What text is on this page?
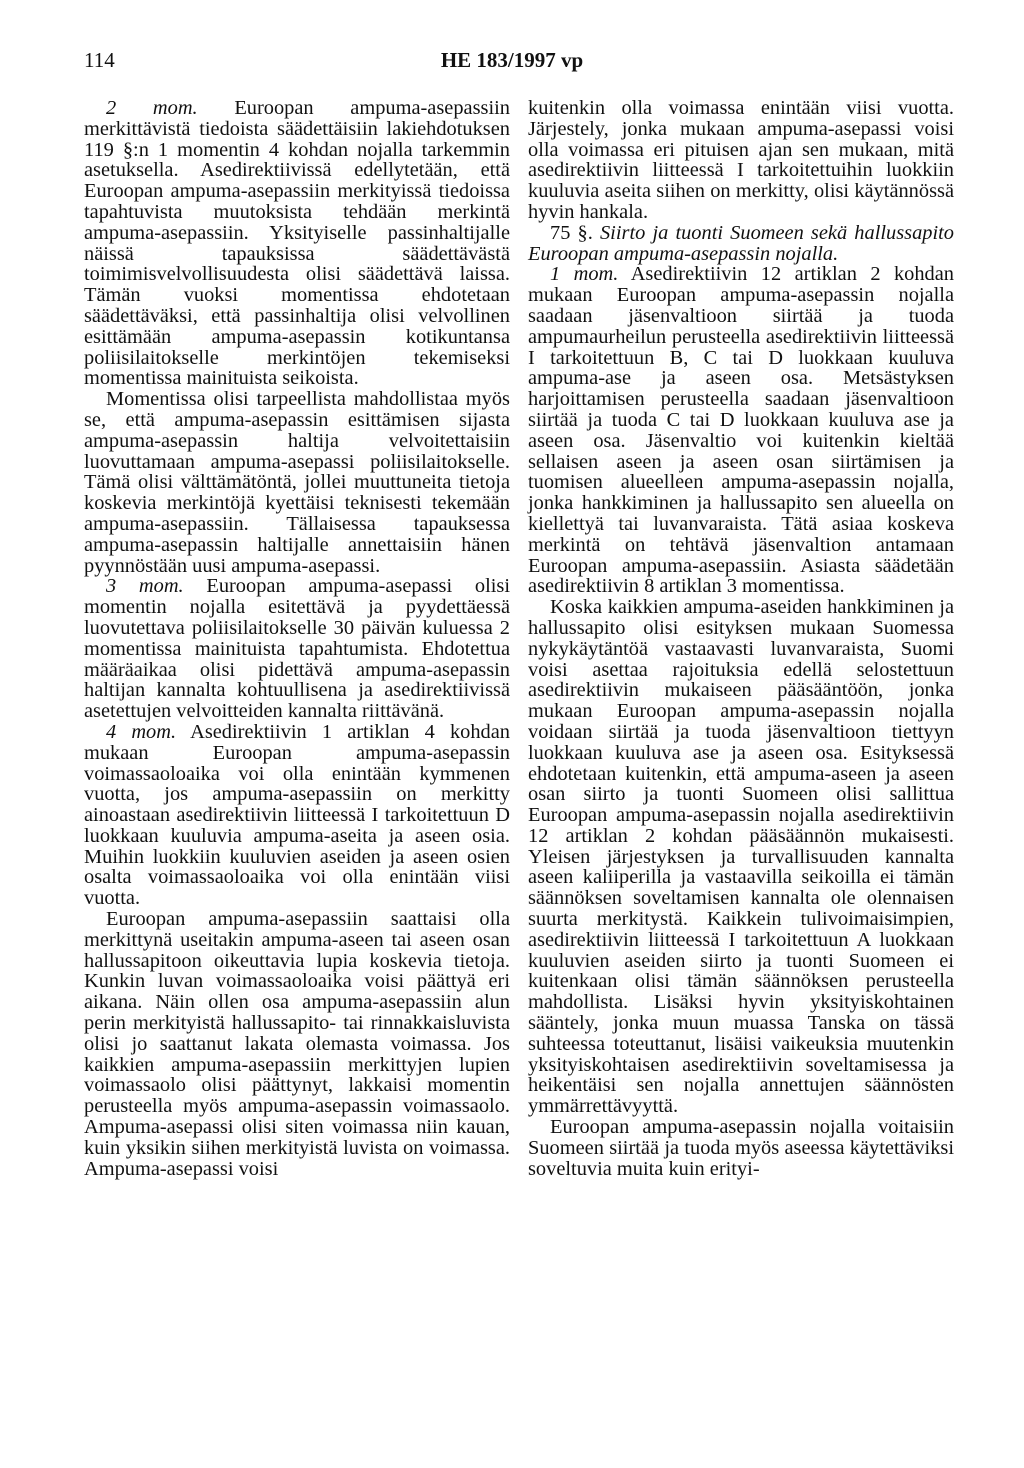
114	HE 183/1997 vp

2 mom. Euroopan ampuma-asepassiin merkittävistä tiedoista säädettäisiin lakiehdotuksen 119 §:n 1 momentin 4 kohdan nojalla tarkemmin asetuksella. Asedirektiivissä edellytetään, että Euroopan ampuma-asepassiin merkityissä tiedoissa tapahtuvista muutoksista tehdään merkintä ampuma-asepassiin. Yksityiselle passinhaltijalle näissä tapauksissa säädettävästä toimimisvelvollisuudesta olisi säädettävä laissa. Tämän vuoksi momentissa ehdotetaan säädettäväksi, että passinhaltija olisi velvollinen esittämään ampuma-asepassin kotikuntansa poliisilaitokselle merkintöjen tekemiseksi momentissa mainituista seikoista.

Momentissa olisi tarpeellista mahdollistaa myös se, että ampuma-asepassin esittämisen sijasta ampuma-asepassin haltija velvoitettaisiin luovuttamaan ampuma-asepassi poliisilaitokselle. Tämä olisi välttämätöntä, jollei muuttuneita tietoja koskevia merkintöjä kyettäisi teknisesti tekemään ampuma-asepassiin. Tällaisessa tapauksessa ampuma-asepassin haltijalle annettaisiin hänen pyynnöstään uusi ampuma-asepassi.

3 mom. Euroopan ampuma-asepassi olisi momentin nojalla esitettävä ja pyydettäessä luovutettava poliisilaitokselle 30 päivän kuluessa 2 momentissa mainituista tapahtumista. Ehdotettua määräaikaa olisi pidettävä ampuma-asepassin haltijan kannalta kohtuullisena ja asedirektiivissä asetettujen velvoitteiden kannalta riittävänä.

4 mom. Asedirektiivin 1 artiklan 4 kohdan mukaan Euroopan ampuma-asepassin voimassaoloaika voi olla enintään kymmenen vuotta, jos ampuma-asepassiin on merkitty ainoastaan asedirektiivin liitteessä I tarkoitettuun D luokkaan kuuluvia ampuma-aseita ja aseen osia. Muihin luokkiin kuuluvien aseiden ja aseen osien osalta voimassaoloaika voi olla enintään viisi vuotta.

Euroopan ampuma-asepassiin saattaisi olla merkittynä useitakin ampuma-aseen tai aseen osan hallussapitoon oikeuttavia lupia koskevia tietoja. Kunkin luvan voimassaoloaika voisi päättyä eri aikana. Näin ollen osa ampuma-asepassiin alun perin merkityistä hallussapito- tai rinnakkaisluvista olisi jo saattanut lakata olemasta voimassa. Jos kaikkien ampuma-asepassiin merkittyjen lupien voimassaolo olisi päättynyt, lakkaisi momentin perusteella myös ampuma-asepassin voimassaolo. Ampuma-asepassi olisi siten voimassa niin kauan, kuin yksikin siihen merkityistä luvista on voimassa. Ampuma-asepassi voisi

kuitenkin olla voimassa enintään viisi vuotta. Järjestely, jonka mukaan ampuma-asepassi voisi olla voimassa eri pituisen ajan sen mukaan, mitä asedirektiivin liitteessä I tarkoitettuihin luokkiin kuuluvia aseita siihen on merkitty, olisi käytännössä hyvin hankala.

75 §. Siirto ja tuonti Suomeen sekä hallussapito Euroopan ampuma-asepassin nojalla.

1 mom. Asedirektiivin 12 artiklan 2 kohdan mukaan Euroopan ampuma-asepassin nojalla saadaan jäsenvaltioon siirtää ja tuoda ampumaurheilun perusteella asedirektiivin liitteessä I tarkoitettuun B, C tai D luokkaan kuuluva ampuma-ase ja aseen osa. Metsästyksen harjoittamisen perusteella saadaan jäsenvaltioon siirtää ja tuoda C tai D luokkaan kuuluva ase ja aseen osa. Jäsenvaltio voi kuitenkin kieltää sellaisen aseen ja aseen osan siirtämisen ja tuomisen alueelleen ampuma-asepassin nojalla, jonka hankkiminen ja hallussapito sen alueella on kiellettyä tai luvanvaraista. Tätä asiaa koskeva merkintä on tehtävä jäsenvaltion antamaan Euroopan ampuma-asepassiin. Asiasta säädetään asedirektiivin 8 artiklan 3 momentissa.

Koska kaikkien ampuma-aseiden hankkiminen ja hallussapito olisi esityksen mukaan Suomessa nykykäytäntöä vastaavasti luvanvaraista, Suomi voisi asettaa rajoituksia edellä selostettuun asedirektiivin mukaiseen pääsääntöön, jonka mukaan Euroopan ampuma-asepassin nojalla voidaan siirtää ja tuoda jäsenvaltioon tiettyyn luokkaan kuuluva ase ja aseen osa. Esityksessä ehdotetaan kuitenkin, että ampuma-aseen ja aseen osan siirto ja tuonti Suomeen olisi sallittua Euroopan ampuma-asepassin nojalla asedirektiivin 12 artiklan 2 kohdan pääsäännön mukaisesti. Yleisen järjestyksen ja turvallisuuden kannalta aseen kaliiperilla ja vastaavilla seikoilla ei tämän säännöksen soveltamisen kannalta ole olennaisen suurta merkitystä. Kaikkein tulivoimaisimpien, asedirektiivin liitteessä I tarkoitettuun A luokkaan kuuluvien aseiden siirto ja tuonti Suomeen ei kuitenkaan olisi tämän säännöksen perusteella mahdollista. Lisäksi hyvin yksityiskohtainen sääntely, jonka muun muassa Tanska on tässä suhteessa toteuttanut, lisäisi vaikeuksia muutenkin yksityiskohtaisen asedirektiivin soveltamisessa ja heikentäisi sen nojalla annettujen säännösten ymmärrettävyyttä.

Euroopan ampuma-asepassin nojalla voitaisiin Suomeen siirtää ja tuoda myös aseessa käytettäviksi soveltuvia muita kuin erityi-
